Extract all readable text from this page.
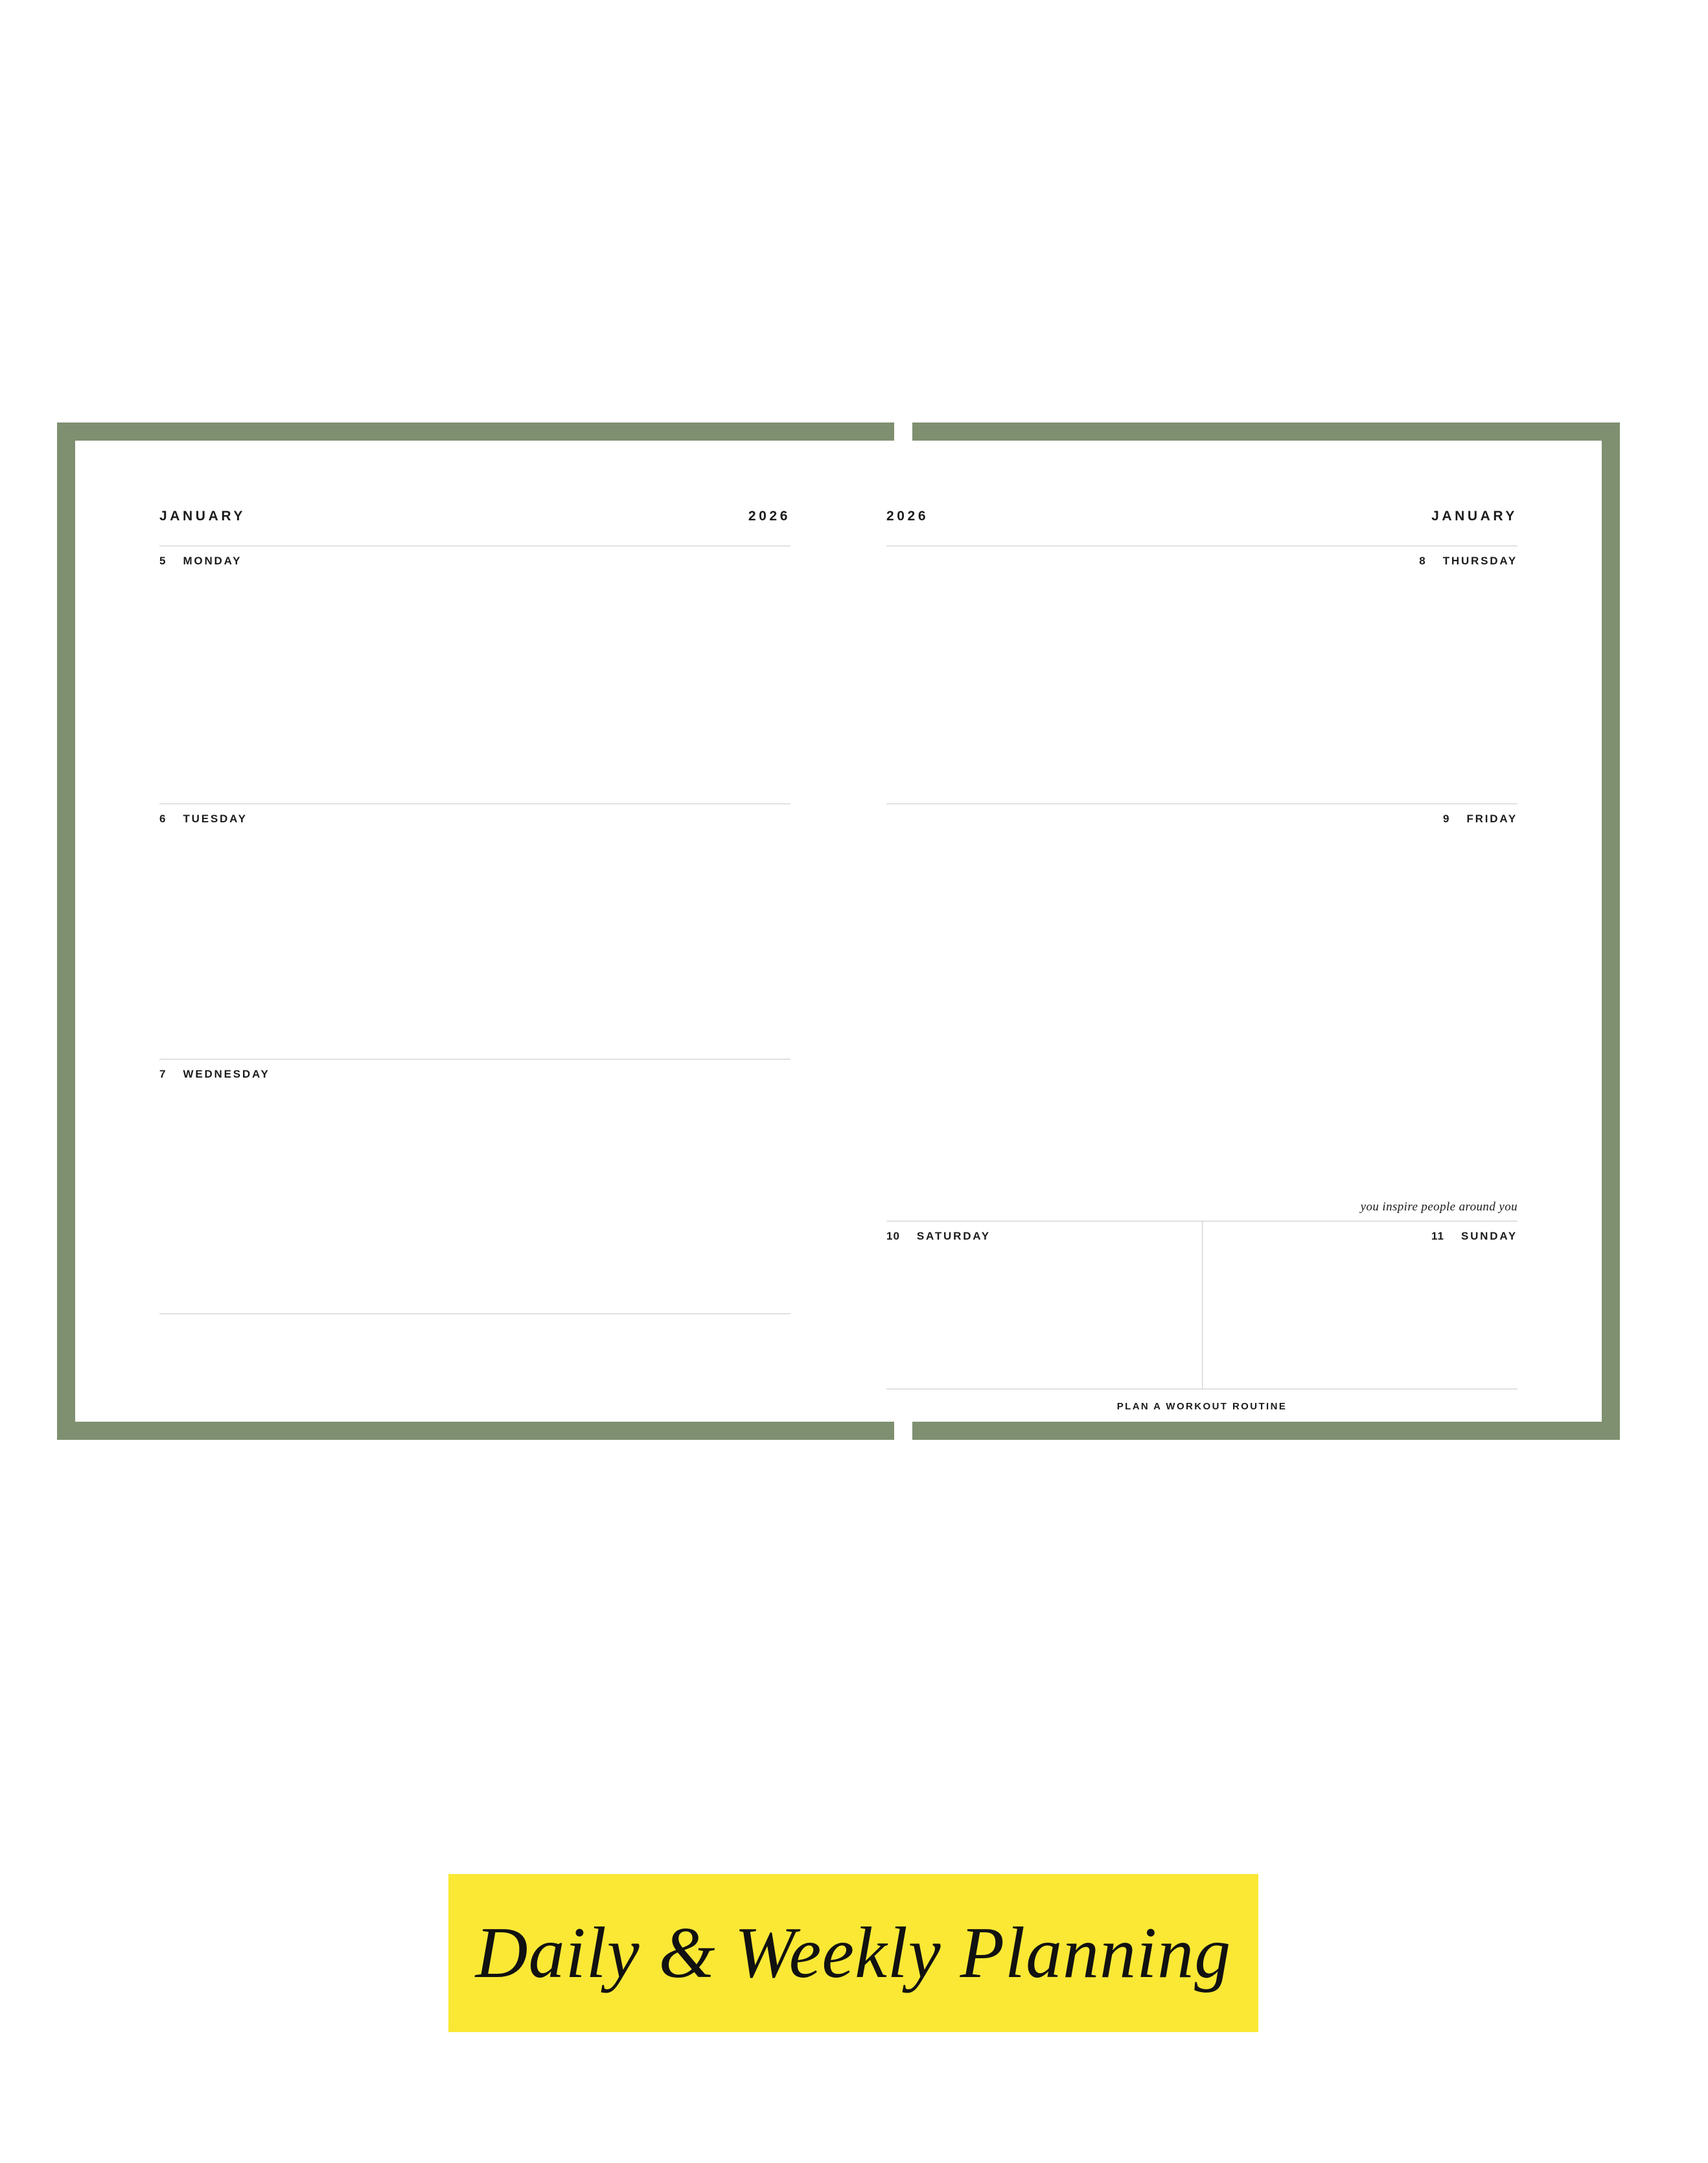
JANUARY	2026
5 MONDAY
6 TUESDAY
7 WEDNESDAY
2026	JANUARY
8 THURSDAY
9 FRIDAY
you inspire people around you
10 SATURDAY	11 SUNDAY
PLAN A WORKOUT ROUTINE
Daily & Weekly Planning
